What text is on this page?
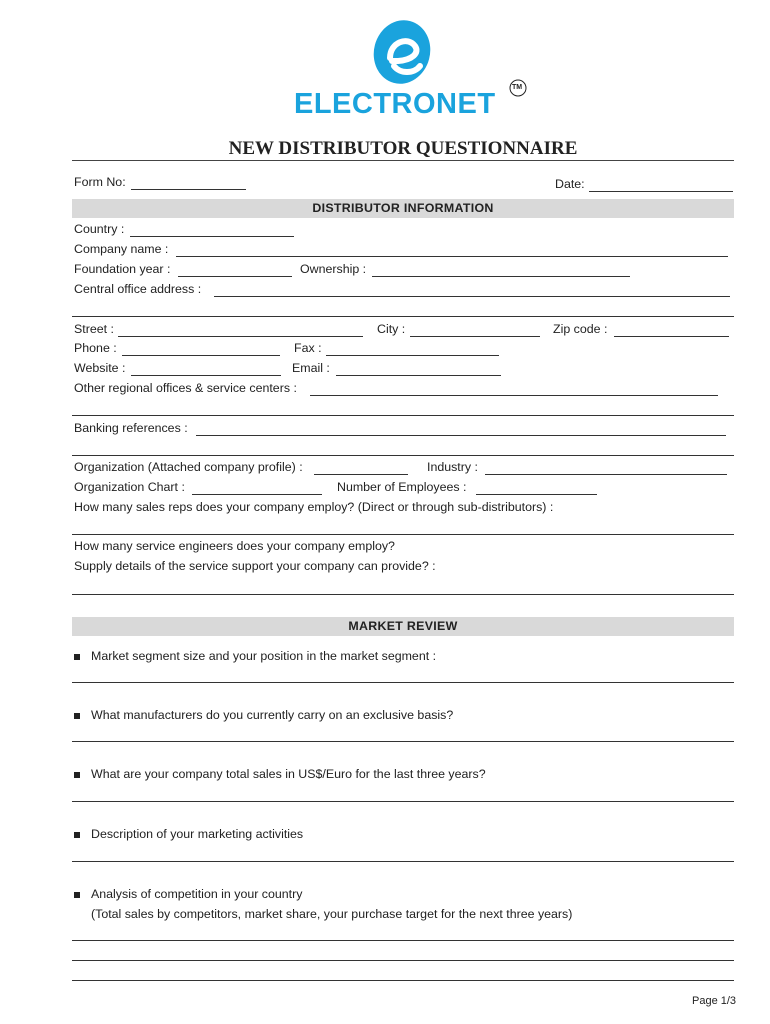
ELECTRONET
TM
NEW DISTRIBUTOR QUESTIONNAIRE
Form No:	Date:
DISTRIBUTOR INFORMATION
Country :
Company name :
Foundation year :	Ownership :
Central office address :
Street :	City :	Zip code :
Phone :	Fax :
Website :	Email :
Other regional offices & service centers :
Banking references :
Organization (Attached company profile) :	Industry :
Organization Chart :	Number of Employees :
How many sales reps does your company employ? (Direct or through sub-distributors) :
How many service engineers does your company employ?
Supply details of the service support your company can provide? :
MARKET REVIEW
Market segment size and your position in the market segment :
What manufacturers do you currently carry on an exclusive basis?
What are your company total sales in US$/Euro for the last three years?
Description of your marketing activities
Analysis of competition in your country
(Total sales by competitors, market share, your purchase target for the next three years)
Page 1/3
